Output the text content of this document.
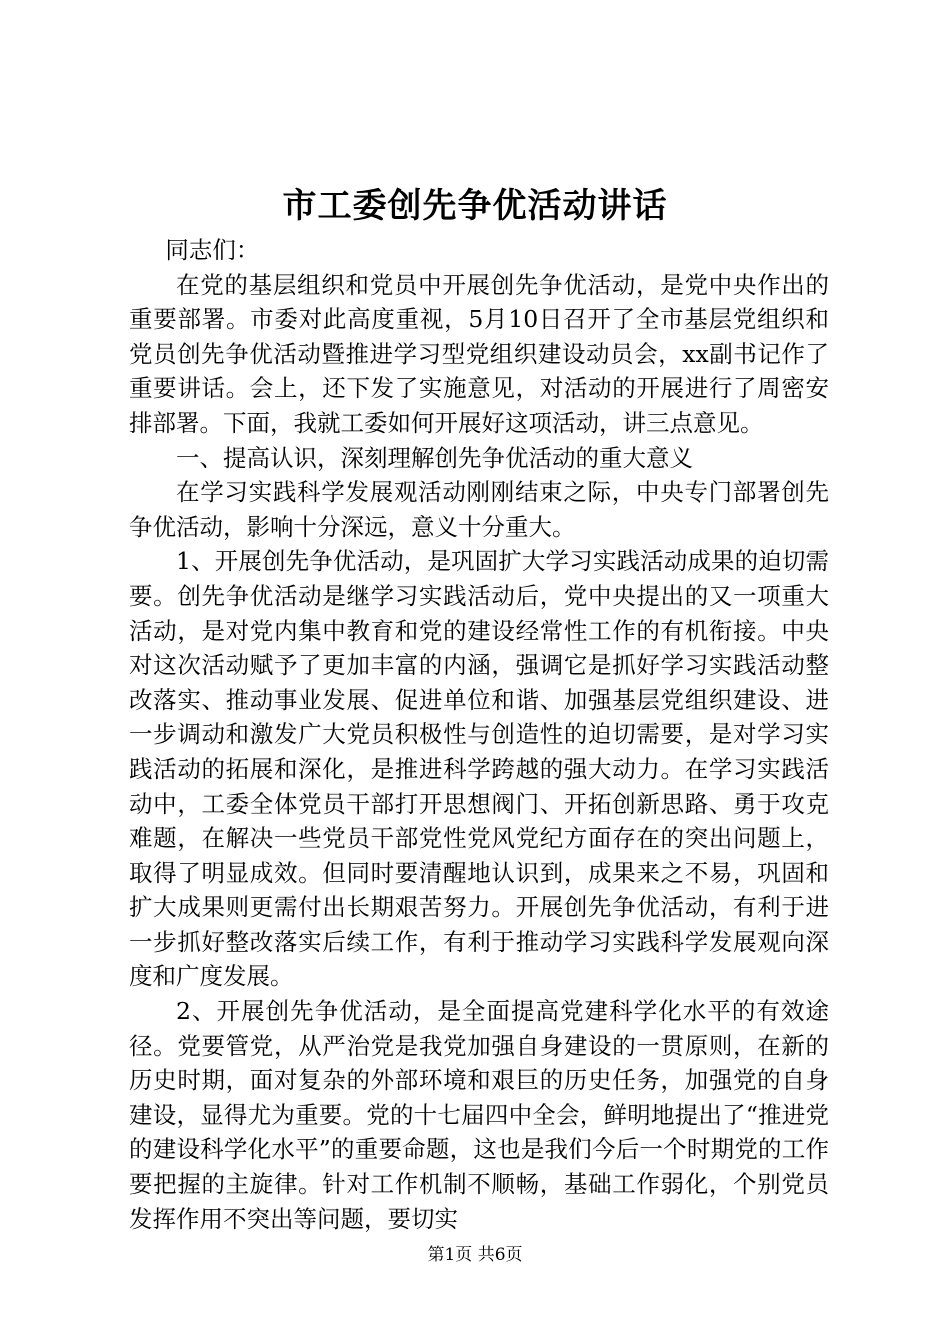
市工委创先争优活动讲话

同志们：

在党的基层组织和党员中开展创先争优活动，是党中央作出的重要部署。市委对此高度重视，5月10日召开了全市基层党组织和党员创先争优活动暨推进学习型党组织建设动员会，xx副书记作了重要讲话。会上，还下发了实施意见，对活动的开展进行了周密安排部署。下面，我就工委如何开展好这项活动，讲三点意见。

一、提高认识，深刻理解创先争优活动的重大意义

在学习实践科学发展观活动刚刚结束之际，中央专门部署创先争优活动，影响十分深远，意义十分重大。

1、开展创先争优活动，是巩固扩大学习实践活动成果的迫切需要。创先争优活动是继学习实践活动后，党中央提出的又一项重大活动，是对党内集中教育和党的建设经常性工作的有机衔接。中央对这次活动赋予了更加丰富的内涵，强调它是抓好学习实践活动整改落实、推动事业发展、促进单位和谐、加强基层党组织建设、进一步调动和激发广大党员积极性与创造性的迫切需要，是对学习实践活动的拓展和深化，是推进科学跨越的强大动力。在学习实践活动中，工委全体党员干部打开思想阀门、开拓创新思路、勇于攻克难题，在解决一些党员干部党性党风党纪方面存在的突出问题上，取得了明显成效。但同时要清醒地认识到，成果来之不易，巩固和扩大成果则更需付出长期艰苦努力。开展创先争优活动，有利于进一步抓好整改落实后续工作，有利于推动学习实践科学发展观向深度和广度发展。

2、开展创先争优活动，是全面提高党建科学化水平的有效途径。党要管党，从严治党是我党加强自身建设的一贯原则，在新的历史时期，面对复杂的外部环境和艰巨的历史任务，加强党的自身建设，显得尤为重要。党的十七届四中全会，鲜明地提出了“推进党的建设科学化水平”的重要命题，这也是我们今后一个时期党的工作要把握的主旋律。针对工作机制不顺畅，基础工作弱化，个别党员发挥作用不突出等问题，要切实

第1页 共6页
